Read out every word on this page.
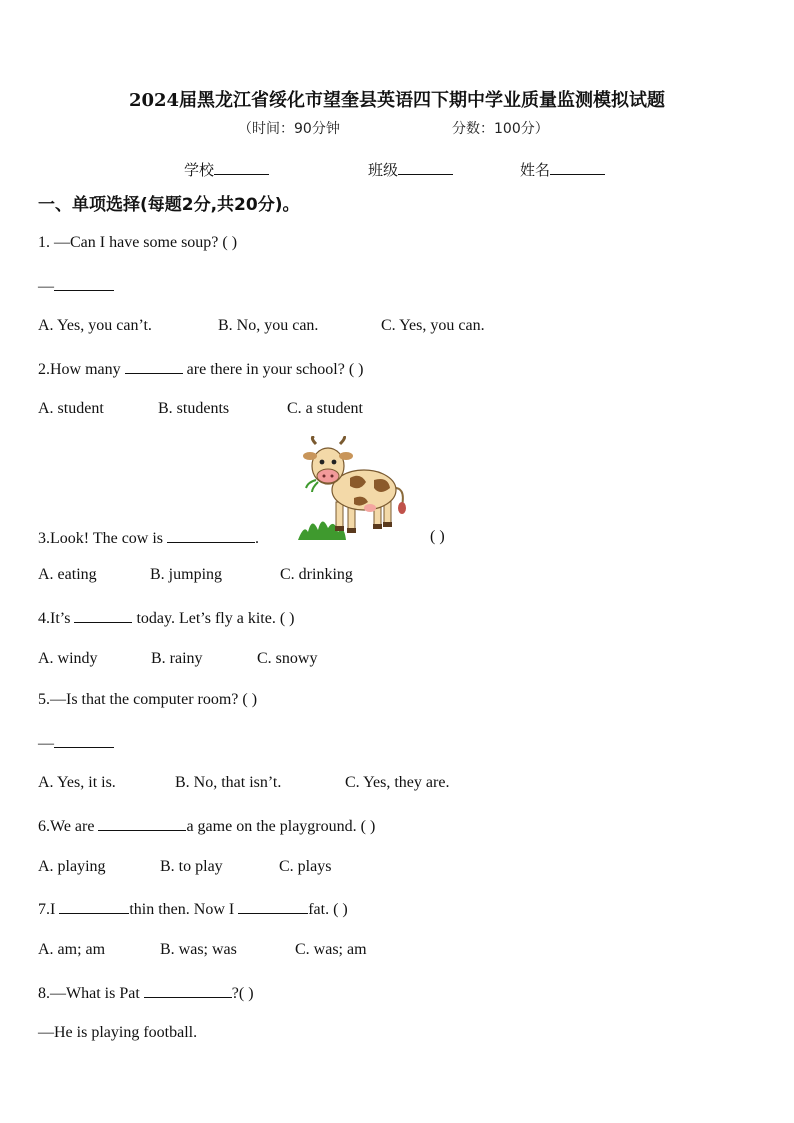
2024届黑龙江省绥化市望奎县英语四下期中学业质量监测模拟试题
（时间：90分钟	分数：100分）
学校	班级	姓名
一、单项选择(每题2分,共20分)。
1. —Can I have some soup? ( )
—
A. Yes, you can’t.	B. No, you can.	C. Yes, you can.
2.How many	are there in your school? ( )
A. student	B. students	C. a student
3.Look! The cow is	.	( )
A. eating	B. jumping	C. drinking
4.It’s	today. Let’s fly a kite. ( )
A. windy	B. rainy	C. snowy
5.—Is that the computer room? ( )
—
A. Yes, it is.	B. No, that isn’t.	C. Yes, they are.
6.We are	a game on the playground. ( )
A. playing	B. to play	C. plays
7.I	thin then. Now I	fat. ( )
A. am; am	B. was; was	C. was; am
8.—What is Pat	?( )
—He is playing football.
